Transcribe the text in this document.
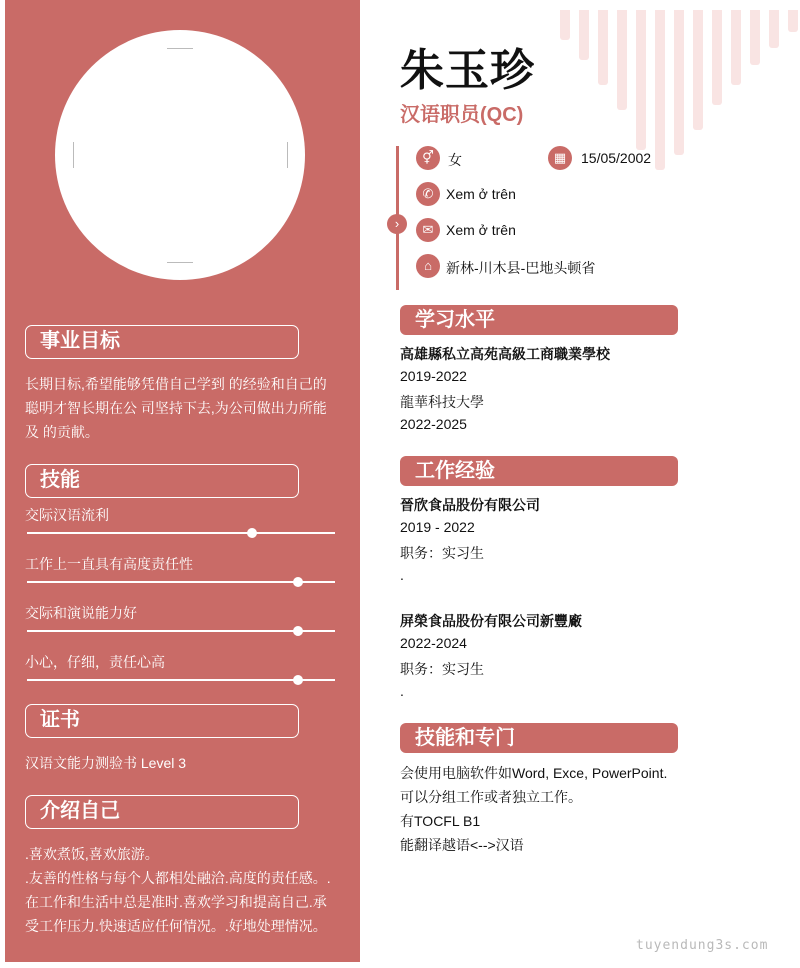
事业目标
长期目标,希望能够凭借自己学到 的经验和自己的
聪明才智长期在公 司坚持下去,为公司做出力所能
及 的贡献。
技能
交际汉语流利
工作上一直具有高度责任性
交际和演说能力好
小心，仔细，责任心高
证书
汉语文能力测验书 Level 3
介绍自己
.喜欢煮饭,喜欢旅游。
.友善的性格与每个人都相处融洽.高度的责任感。.
在工作和生活中总是准时.喜欢学习和提高自己.承
受工作压力.快速适应任何情况。.好地处理情况。
朱玉珍
汉语职员(QC)
›
⚥	女	▦	15/05/2002
✆ Xem ở trên
✉ Xem ở trên
⌂	新林-川木县-巴地头顿省
学习水平
高雄縣私立高苑高級工商職業學校
2019-2022
龍華科技大學
2022-2025
工作经验
晉欣食品股份有限公司
2019 - 2022
职务：实习生
.
屏榮食品股份有限公司新豐廠
2022-2024
职务：实习生
.
技能和专门
会使用电脑软件如Word, Exce, PowerPoint.
可以分组工作或者独立工作。
有TOCFL B1
能翻译越语<-->汉语
tuyendung3s.com
